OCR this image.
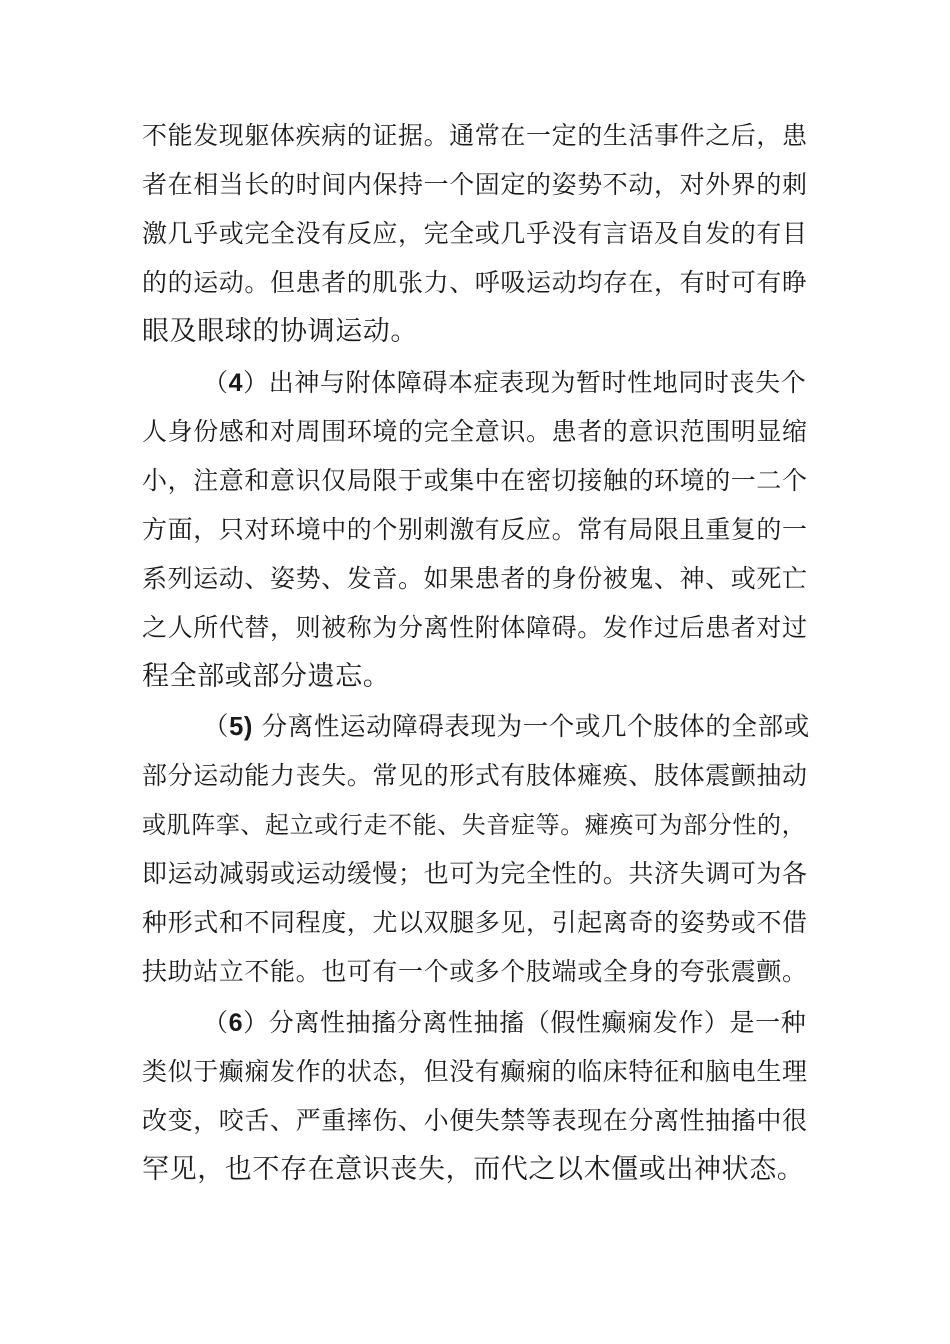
不能发现躯体疾病的证据。通常在一定的生活事件之后，患
者在相当长的时间内保持一个固定的姿势不动，对外界的刺
激几乎或完全没有反应，完全或几乎没有言语及自发的有目
的的运动。但患者的肌张力、呼吸运动均存在，有时可有睁
眼及眼球的协调运动。
（4）出神与附体障碍本症表现为暂时性地同时丧失个
人身份感和对周围环境的完全意识。患者的意识范围明显缩
小，注意和意识仅局限于或集中在密切接触的环境的一二个
方面，只对环境中的个别刺激有反应。常有局限且重复的一
系列运动、姿势、发音。如果患者的身份被鬼、神、或死亡
之人所代替，则被称为分离性附体障碍。发作过后患者对过
程全部或部分遗忘。
（5) 分离性运动障碍表现为一个或几个肢体的全部或
部分运动能力丧失。常见的形式有肢体瘫痪、肢体震颤抽动
或肌阵挛、起立或行走不能、失音症等。瘫痪可为部分性的，
即运动减弱或运动缓慢；也可为完全性的。共济失调可为各
种形式和不同程度，尤以双腿多见，引起离奇的姿势或不借
扶助站立不能。也可有一个或多个肢端或全身的夸张震颤。
（6）分离性抽搐分离性抽搐（假性癫痫发作）是一种
类似于癫痫发作的状态，但没有癫痫的临床特征和脑电生理
改变，咬舌、严重摔伤、小便失禁等表现在分离性抽搐中很
罕见，也不存在意识丧失，而代之以木僵或出神状态。
